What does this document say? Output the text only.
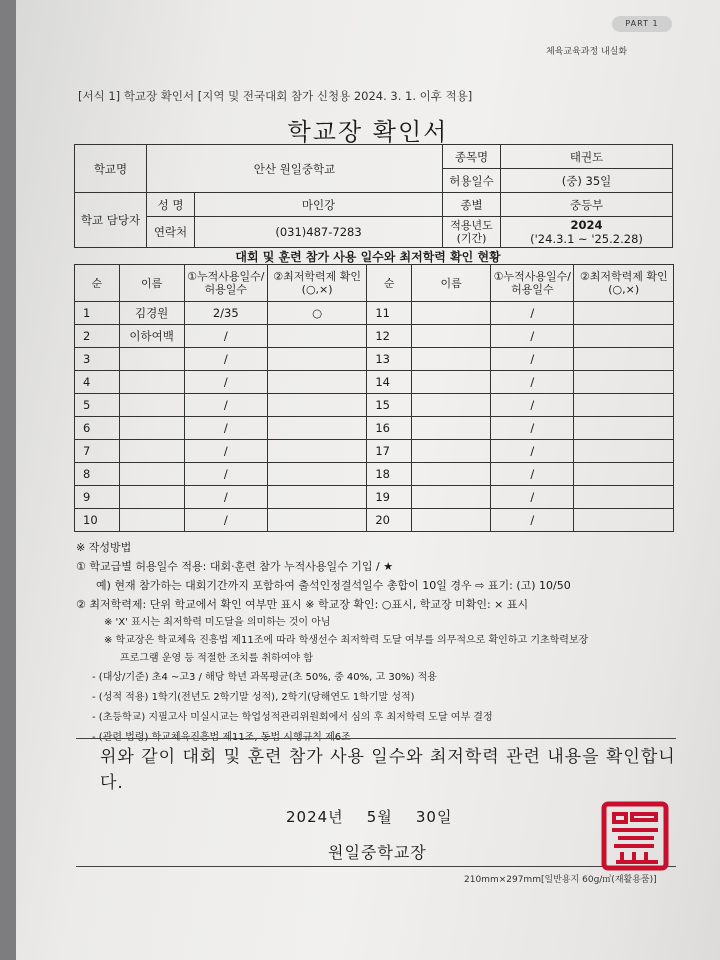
PART 1
체육교육과정 내실화
[서식 1] 학교장 확인서 [지역 및 전국대회 참가 신청용 2024. 3. 1. 이후 적용]
학교장 확인서
학교명	안산 원일중학교		종목명	태권도
			허용일수	(중) 35일
학교 담당자	성 명	마인강	종별	중등부
	연락처	(031)487-7283	적용년도 (기간)	2024
('24.3.1 ~ '25.2.28)
대회 및 훈련 참가 사용 일수와 최저학력 확인 현황
순	이름	①누적사용일수/ 허용일수	②최저학력제 확인(○,×)	순	이름	①누적사용일수/ 허용일수	②최저학력제 확인(○,×)
1	김경원	2/35	○	11		/	
2	이하여백	/		12		/	
3		/		13		/	
4		/		14		/	
5		/		15		/	
6		/		16		/	
7		/		17		/	
8		/		18		/	
9		/		19		/	
10		/		20		/	
※ 작성방법
① 학교급별 허용일수 적용: 대회·훈련 참가 누적사용일수 기입 / ★
예) 현재 참가하는 대회기간까지 포함하여 출석인정결석일수 총합이 10일 경우 ⇨ 표기: (고) 10/50
② 최저학력제: 단위 학교에서 확인 여부만 표시 ※ 학교장 확인: ○표시, 학교장 미확인: × 표시
※ 'X' 표시는 최저학력 미도달을 의미하는 것이 아님
※ 학교장은 학교체육 진흥법 제11조에 따라 학생선수 최저학력 도달 여부를 의무적으로 확인하고 기초학력보장
프로그램 운영 등 적절한 조치를 취하여야 함
- (대상/기준) 초4 ~고3 / 해당 학년 과목평균(초 50%, 중 40%, 고 30%) 적용
- (성적 적용) 1학기(전년도 2학기말 성적), 2학기(당해연도 1학기말 성적)
- (초등학교) 지필고사 미실시교는 학업성적관리위원회에서 심의 후 최저학력 도달 여부 결정
위와 같이 대회 및 훈련 참가 사용 일수와 최저학력 관련 내용을 확인합니다.
2024년 5월 30일
원일중학교장
210mm×297mm[일반용지 60g/㎡(재활용품)]
